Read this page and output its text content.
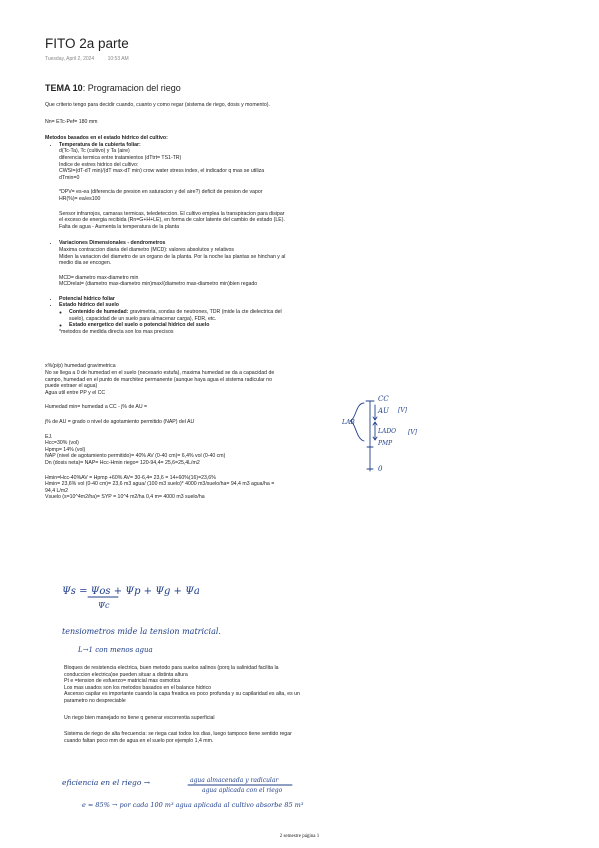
FITO 2a parte
Tuesday, April 2, 2024	10:53 AM
TEMA 10: Programacion del riego

Que criterio tengo para decidir cuando, cuanto y como regar (sistema de riego, dosis y momento).

Nn= ETc-Pef= 180 mm

Metodos basados en el estado hidrico del cultivo:

• Temperatura de la cubierta foliar:

d(Tc-Ta), Tc (cultivo) y Ta (aire)

diferencia termica entre tratamientos (dTtrt= TS1-TR)

Indice de estres hidrico del cultivo:

CWSI=(dT-dT min)/(dT max-dT min) crow water stress index, el indicador q mas se utiliza

dTmin=0

*DPV= es-ea (diferencia de presion en saturacion y del aire?) deficit de presion de vapor

HR(%)= ea/es100

Sensor infrarrojos, camaras termicas, teledeteccion. El cultivo emplea la transpiracion para disipar

el exceso de energia recibida (Rn=G+H+LE), en forma de calor latente del cambio de estado (LE).

Falta de agua - Aumenta la temperatura de la planta

• Variaciones Dimensionales - dendrometros

Maxima contraccion diaria del diametro (MCD): valores absolutos y relativos

Miden la variacion del diametro de un organo de la planta. Por la noche las plantas se hinchan y al

medio dia se encogen.

MCD= diametro max-diametro min

MCDrelat= (diametro max-diametro min)max/(diametro max-diametro min)bien regado

• Potencial hidrico foliar
• Estado hidrico del suelo
◦ Contenido de humedad: gravimetria, sondas de neutrones, TDR (mide la cte dielectrica del

suelo), capacidad de un suelo para almacenar carga), FDR, etc.

◦ Estado energetico del suelo o potencial hidrico del suelo

*metodos de medida directa son los mas precisos

x%(p/p) humedad gravimetrica

No se llega a 0 de humedad en el suelo (necesario estufa), maxima humedad se da a capacidad de

campo, humedad en el punto de marchitez permanente (aunque haya agua el sistema radicular no

puede extraer el agua)

Agua util entre PP y el CC

Humedad min= humedad a CC - j% de AU =

j% de AU = grado o nivel de agotamiento permitido (NAP) del AU

EJ.

Hcc=30% (vol)

Hpmp= 14% (vol)

NAP (nivel de agotamiento permitido)= 40% AV (0-40 cm)= 6,4% vol (0-40 cm)

Dn (dosis neta)= NAP= Hcc-Hmin riego= 120-94,4= 25,6=25,4L/m2

Hmin=Hcc-40%AV = Hpmp +60% AV= 30-6,4= 23,6 = 14+60%(16)=23,6%

Hmin= 23,6% vol (0-40 cm)= 23,6 m3 agua/ (100 m3 suelo)* 4000 m3/suelo/ha= 94,4 m3 agua/ha =

94,4 L/m2

Vsuelo (s=10^4m2/ha)= SYP = 10^4 m2/ha 0,4 m= 4000 m3 suelo/ha

CC
AU [V]
LAB
LADO [V]
PMP
0
Ψs = Ψos + Ψp + Ψg + Ψa
Ψc
tensiometros mide la tension matricial.
L→1 con menos agua

Bloques de resistencia electrica, buen metodo para suelos salinos (porq la salinidad facilita la

conduccion electrica)se pueden situar a distinta altura

Pt e =tension de esfuerzo= matricial mas osmotica

Los mas usados son los metodos basados en el balance hidrico

Ascenso capilar es importante cuando la capa freatica es poco profunda y su capilaridad es alta, es un

parametro no despreciable

Un riego bien manejado no tiene q generar escorrentia superficial

Sistema de riego de alta frecuencia: se riega casi todos los dias, luego tampoco tiene sentido regar

cuando faltan poco mm de agua en el suelo por ejemplo 1,4 mm.

eficiencia en el riego →	agua almacenada y radicular
agua aplicada con el riego
e = 85% → por cada 100 m³ agua aplicada al cultivo absorbe 85 m³
2 semestre página 1
